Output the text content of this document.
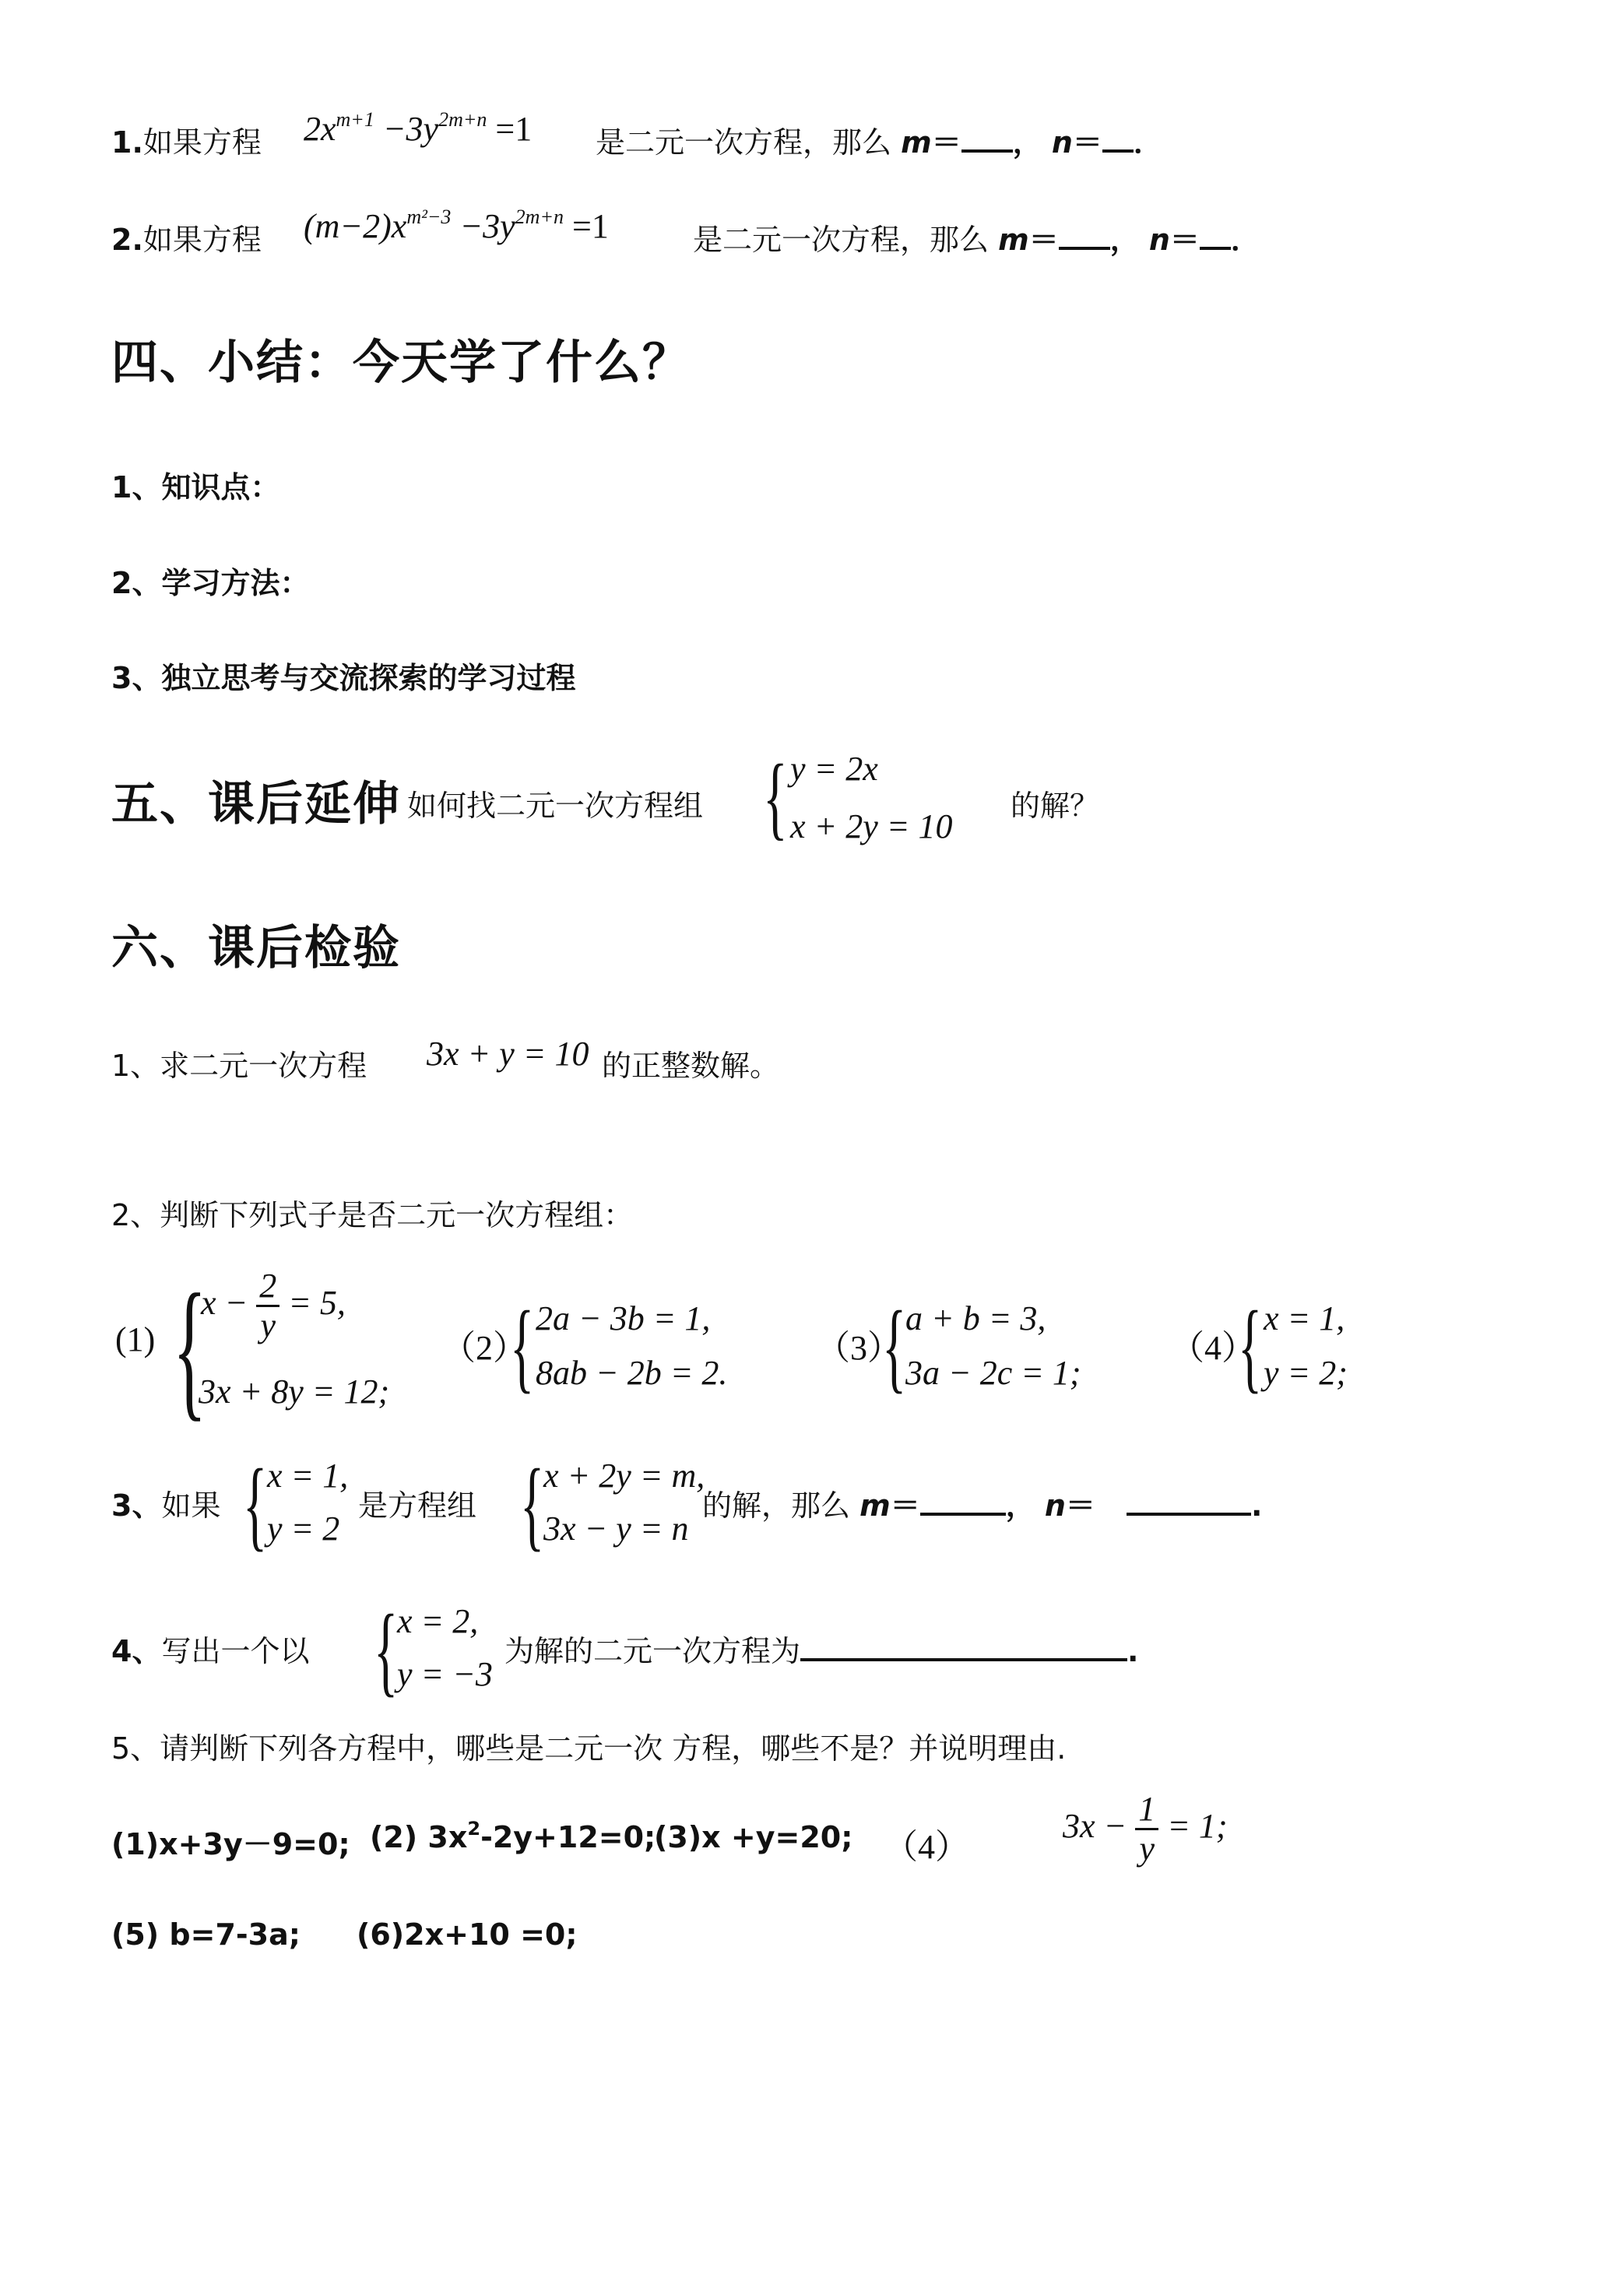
1.如果方程 $2x^{m+1} -3y^{2m+n} =1$ 是二元一次方程，那么 m＝ ， n＝ ．
2.如果方程 $(m-2)x^{m^2-3} -3y^{2m+n} =1$	是二元一次方程，那么 m＝ ， n＝ ．
四、小结：今天学了什么？
1、知识点：
2、学习方法：
3、独立思考与交流探索的学习过程
五、课后延伸 如何找二元一次方程组 { y = 2x
x + 2y = 10
的解？
六、课后检验
1、求二元一次方程 3x + y = 10 的正整数解。
2、判断下列式子是否二元一次方程组：
(1) {
$x - \frac{2}{y} = 5$,
3x + 8y = 12;
（2）
{ 2a − 3b = 1,
8ab − 2b = 2.
（3）
{
a + b = 3,
3a − 2c = 1;
（4）
{ x = 1,
y = 2;
3、如果 { x = 1,
y = 2
是方程组 {
x + 2y = m,
3x − y = n
的解，那么 m＝	， n＝	.
4、写出一个以 {
x = 2,
y = −3
为解的二元一次方程为	.
5、请判断下列各方程中，哪些是二元一次 方程，哪些不是？并说明理由.
(1)x+3y－9=0; (2) $3x^2-2y+12=0$;
(3)x +y=20; （4）
$3x - \frac{1}{y} = 1$;
(5) b=7-3a; (6)2x+10 =0;
